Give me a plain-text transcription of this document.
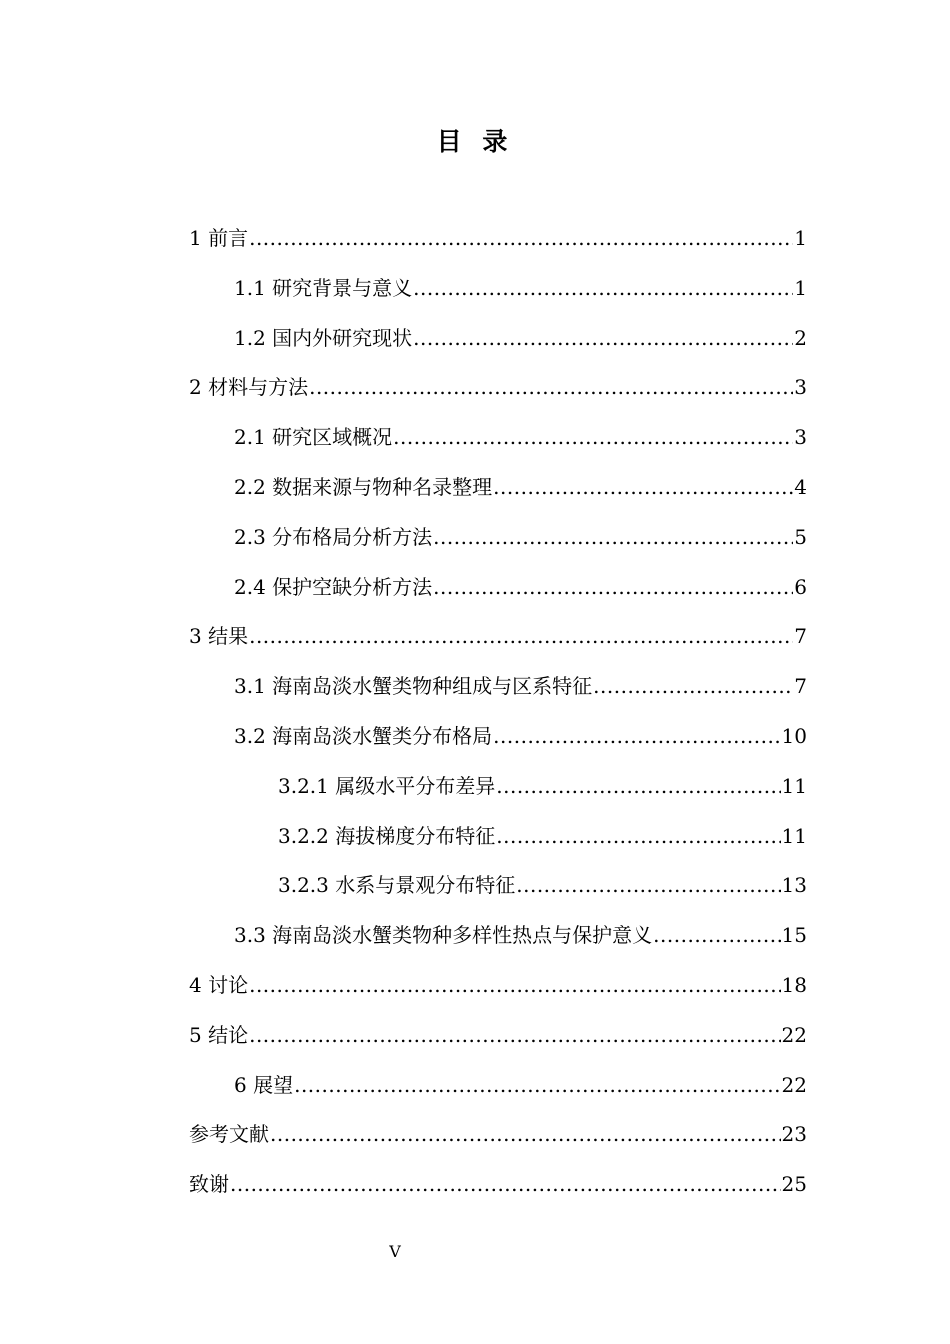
目 录
1 前言 .....	1
1.1 研究背景与意义 .....	1
1.2 国内外研究现状 .....	2
2 材料与方法 .....	3
2.1 研究区域概况 .....	3
2.2 数据来源与物种名录整理 .....	4
2.3 分布格局分析方法 .....	5
2.4 保护空缺分析方法 .....	6
3 结果 .....	7
3.1 海南岛淡水蟹类物种组成与区系特征 .....	7
3.2 海南岛淡水蟹类分布格局 .....	10
3.2.1 属级水平分布差异 .....	11
3.2.2 海拔梯度分布特征 .....	11
3.2.3 水系与景观分布特征 .....	13
3.3 海南岛淡水蟹类物种多样性热点与保护意义 .....	15
4 讨论 .....	18
5 结论 .....	22
6 展望 .....	22
参考文献 .....	23
致谢 .....	25
V
